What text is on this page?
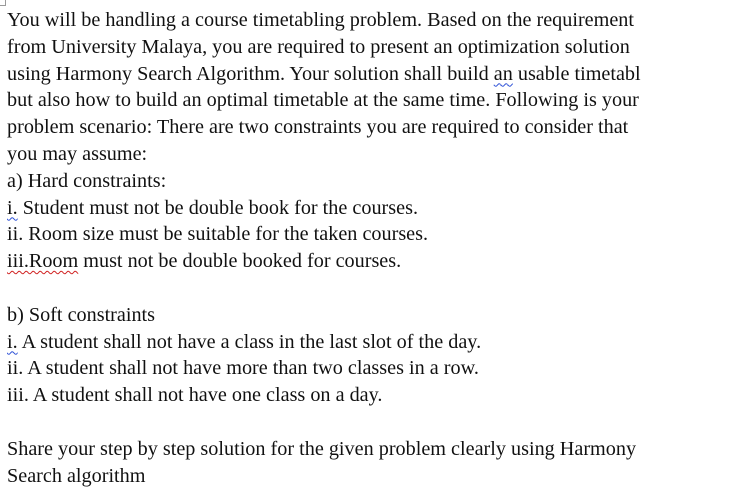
You will be handling a course timetabling problem. Based on the requirement
from University Malaya, you are required to present an optimization solution
using Harmony Search Algorithm. Your solution shall build an usable timetabl
but also how to build an optimal timetable at the same time. Following is your
problem scenario: There are two constraints you are required to consider that
you may assume:
a) Hard constraints:
i. Student must not be double book for the courses.
ii. Room size must be suitable for the taken courses.
iii.Room must not be double booked for courses.
b) Soft constraints
i. A student shall not have a class in the last slot of the day.
ii. A student shall not have more than two classes in a row.
iii. A student shall not have one class on a day.
Share your step by step solution for the given problem clearly using Harmony
Search algorithm
